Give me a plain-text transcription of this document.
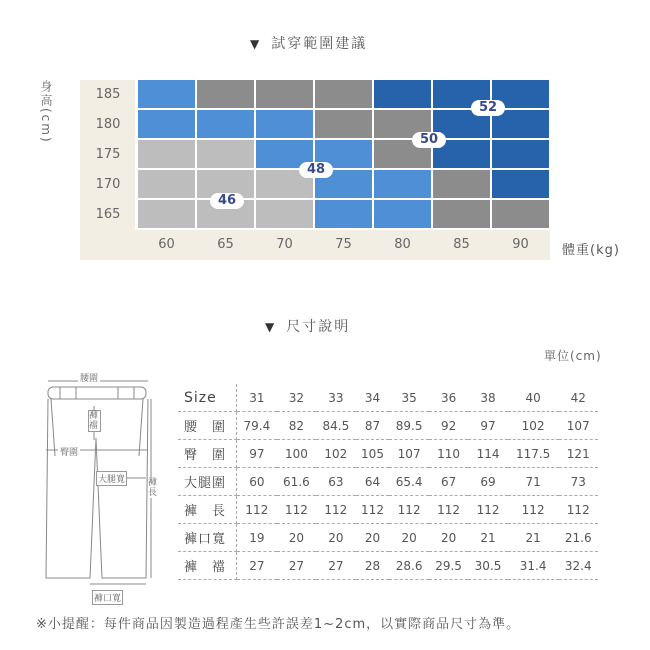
▼ 試穿範圍建議
身高(cm)	185
180
175
170
165
60	65	70	75	80	85	90
46
48
50
52
體重(kg)
▼ 尺寸說明
單位(cm)
腰圍
臀圍
大腿寬
褲襠
褲長
褲口寬
Size	31	32	33	34	35	36	38	40	42
腰　圍	79.4	82	84.5	87	89.5	92	97	102	107
臀　圍	97	100	102	105	107	110	114	117.5	121
大腿圍	60	61.6	63	64	65.4	67	69	71	73
褲　長	112	112	112	112	112	112	112	112	112
褲口寬	19	20	20	20	20	20	21	21	21.6
褲　襠	27	27	27	28	28.6	29.5	30.5	31.4	32.4
※小提醒：每件商品因製造過程產生些許誤差1~2cm，以實際商品尺寸為準。
